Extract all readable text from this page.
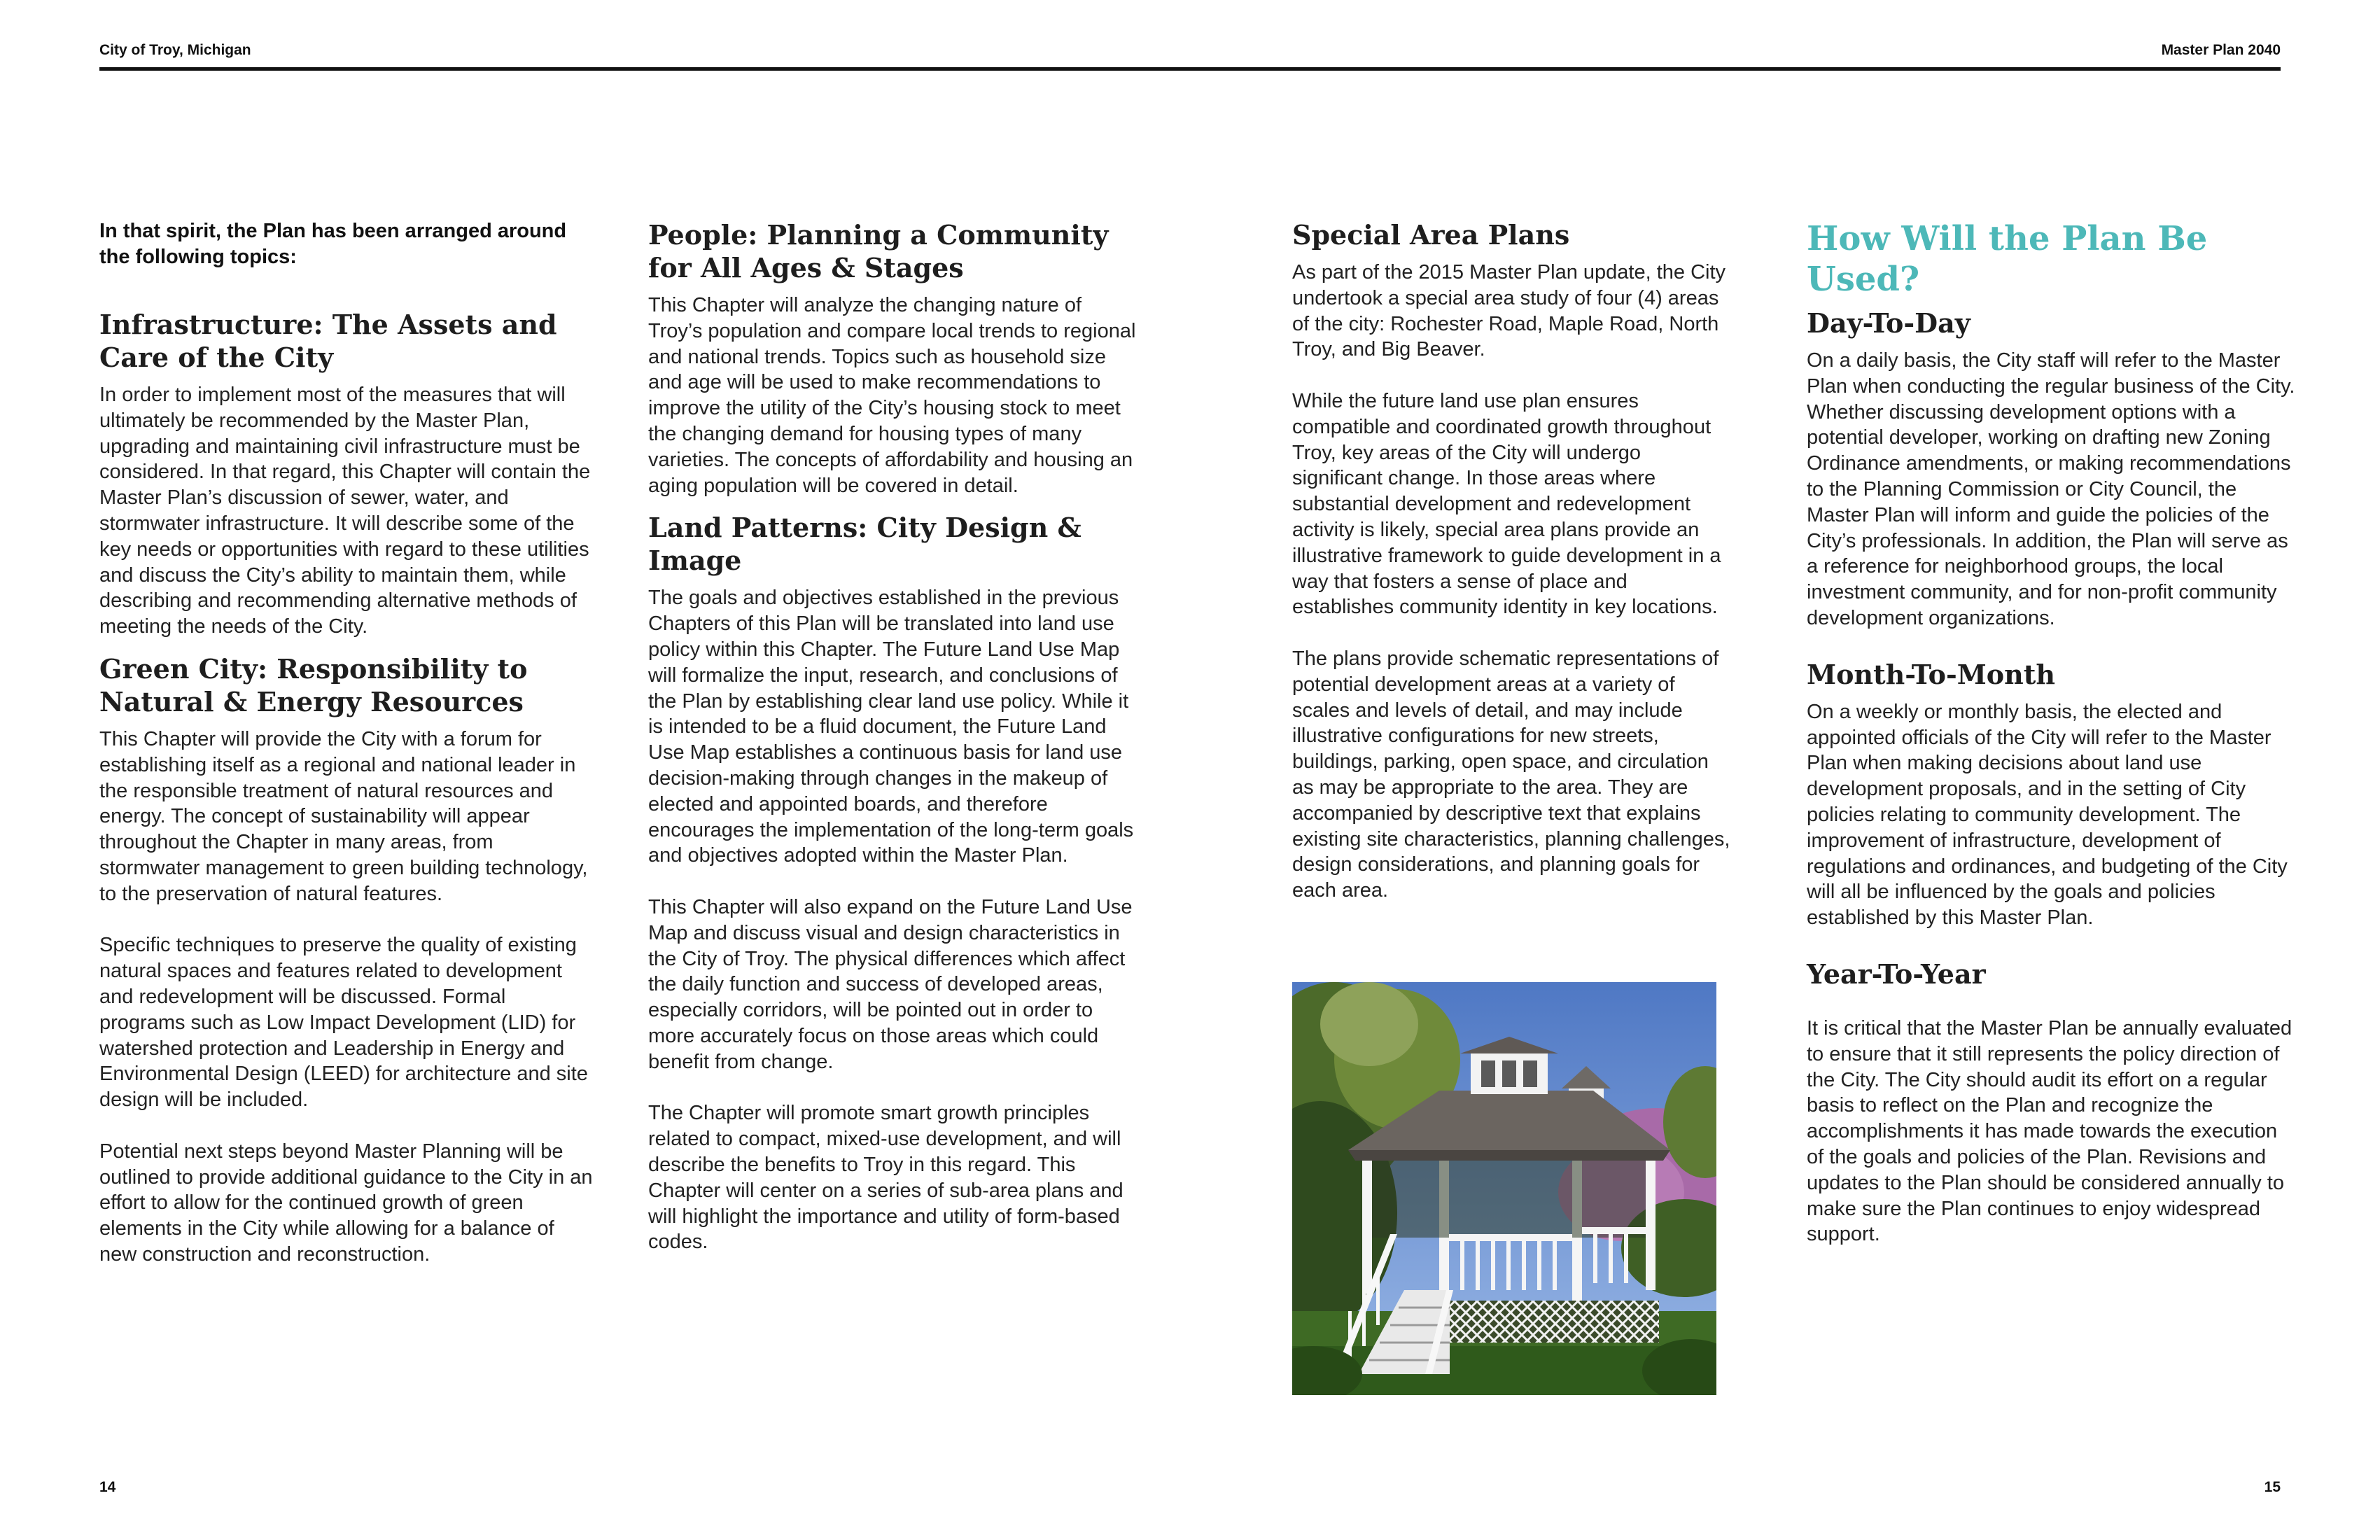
City of Troy, Michigan	Master Plan 2040

In that spirit, the Plan has been arranged around the following topics:

Infrastructure: The Assets and Care of the City

In order to implement most of the measures that will ultimately be recommended by the Master Plan, upgrading and maintaining civil infrastructure must be considered. In that regard, this Chapter will contain the Master Plan’s discussion of sewer, water, and stormwater infrastructure. It will describe some of the key needs or opportunities with regard to these utilities and discuss the City’s ability to maintain them, while describing and recommending alternative methods of meeting the needs of the City.

Green City: Responsibility to Natural & Energy Resources

This Chapter will provide the City with a forum for establishing itself as a regional and national leader in the responsible treatment of natural resources and energy. The concept of sustainability will appear throughout the Chapter in many areas, from stormwater management to green building technology, to the preservation of natural features.

Specific techniques to preserve the quality of existing natural spaces and features related to development and redevelopment will be discussed. Formal programs such as Low Impact Development (LID) for watershed protection and Leadership in Energy and Environmental Design (LEED) for architecture and site design will be included.

Potential next steps beyond Master Planning will be outlined to provide additional guidance to the City in an effort to allow for the continued growth of green elements in the City while allowing for a balance of new construction and reconstruction.

People: Planning a Community for All Ages & Stages

This Chapter will analyze the changing nature of Troy’s population and compare local trends to regional and national trends. Topics such as household size and age will be used to make recommendations to improve the utility of the City’s housing stock to meet the changing demand for housing types of many varieties. The concepts of affordability and housing an aging population will be covered in detail.

Land Patterns: City Design & Image

The goals and objectives established in the previous Chapters of this Plan will be translated into land use policy within this Chapter. The Future Land Use Map will formalize the input, research, and conclusions of the Plan by establishing clear land use policy. While it is intended to be a fluid document, the Future Land Use Map establishes a continuous basis for land use decision-making through changes in the makeup of elected and appointed boards, and therefore encourages the implementation of the long-term goals and objectives adopted within the Master Plan.

This Chapter will also expand on the Future Land Use Map and discuss visual and design characteristics in the City of Troy. The physical differences which affect the daily function and success of developed areas, especially corridors, will be pointed out in order to more accurately focus on those areas which could benefit from change.

The Chapter will promote smart growth principles related to compact, mixed-use development, and will describe the benefits to Troy in this regard. This Chapter will center on a series of sub-area plans and will highlight the importance and utility of form-based codes.

Special Area Plans

As part of the 2015 Master Plan update, the City undertook a special area study of four (4) areas of the city: Rochester Road, Maple Road, North Troy, and Big Beaver.

While the future land use plan ensures compatible and coordinated growth throughout Troy, key areas of the City will undergo significant change. In those areas where substantial development and redevelopment activity is likely, special area plans provide an illustrative framework to guide development in a way that fosters a sense of place and establishes community identity in key locations.

The plans provide schematic representations of potential development areas at a variety of scales and levels of detail, and may include illustrative configurations for new streets, buildings, parking, open space, and circulation as may be appropriate to the area. They are accompanied by descriptive text that explains existing site characteristics, planning challenges, design considerations, and planning goals for each area.

How Will the Plan Be Used?
Day-To-Day

On a daily basis, the City staff will refer to the Master Plan when conducting the regular business of the City. Whether discussing development options with a potential developer, working on drafting new Zoning Ordinance amendments, or making recommendations to the Planning Commission or City Council, the Master Plan will inform and guide the policies of the City’s professionals. In addition, the Plan will serve as a reference for neighborhood groups, the local investment community, and for non-profit community development organizations.

Month-To-Month

On a weekly or monthly basis, the elected and appointed officials of the City will refer to the Master Plan when making decisions about land use development proposals, and in the setting of City policies relating to community development. The improvement of infrastructure, development of regulations and ordinances, and budgeting of the City will all be influenced by the goals and policies established by this Master Plan.

Year-To-Year

It is critical that the Master Plan be annually evaluated to ensure that it still represents the policy direction of the City. The City should audit its effort on a regular basis to reflect on the Plan and recognize the accomplishments it has made towards the execution of the goals and policies of the Plan. Revisions and updates to the Plan should be considered annually to make sure the Plan continues to enjoy widespread support.

14	15
